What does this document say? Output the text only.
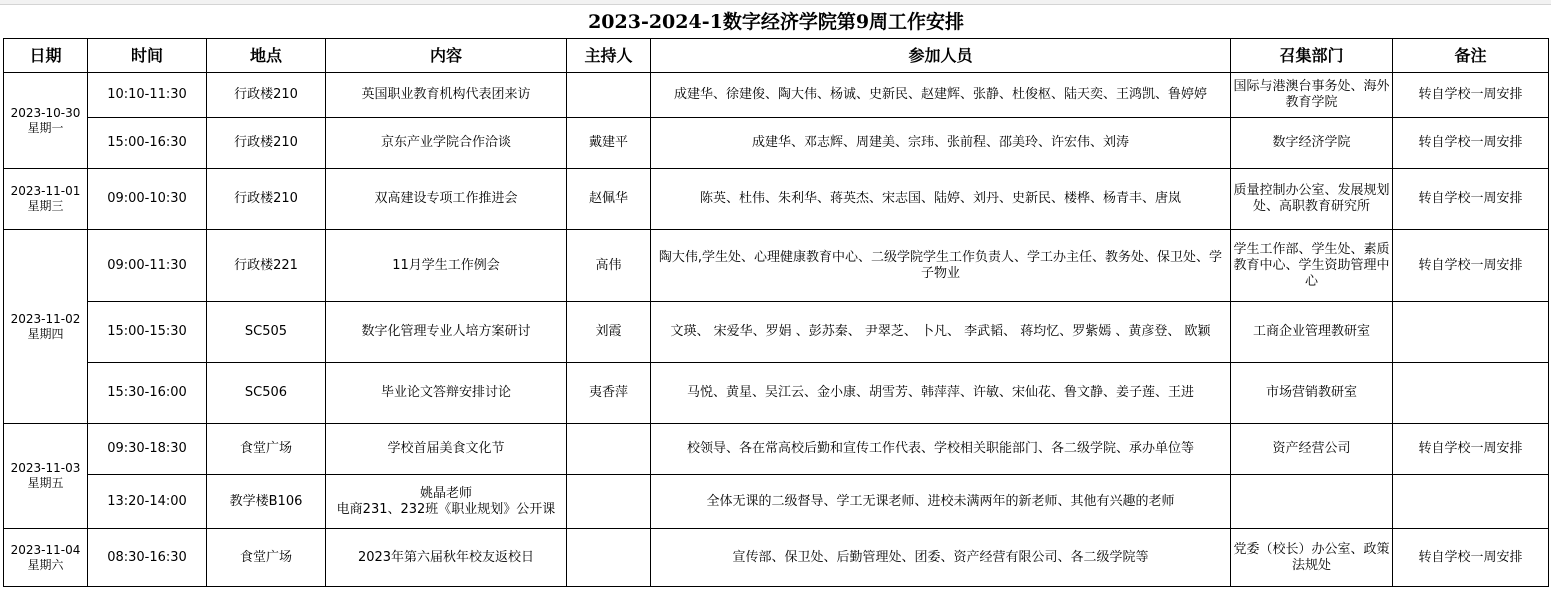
2023-2024-1数字经济学院第9周工作安排							
日期	时间	地点	内容	主持人	参加人员	召集部门	备注
2023-10-30
星期一	10:10-11:30	行政楼210	英国职业教育机构代表团来访		成建华、徐建俊、陶大伟、杨诚、史新民、赵建辉、张静、杜俊枢、陆天奕、王鸿凯、鲁婷婷	国际与港澳台事务处、海外教育学院	转自学校一周安排
	15:00-16:30	行政楼210	京东产业学院合作洽谈	戴建平	成建华、邓志辉、周建美、宗玮、张前程、邵美玲、许宏伟、刘涛	数字经济学院	转自学校一周安排
2023-11-01
星期三	09:00-10:30	行政楼210	双高建设专项工作推进会	赵佩华	陈英、杜伟、朱利华、蒋英杰、宋志国、陆婷、刘丹、史新民、楼桦、杨青丰、唐岚	质量控制办公室、发展规划处、高职教育研究所	转自学校一周安排
2023-11-02
星期四	09:00-11:30	行政楼221	11月学生工作例会	高伟	陶大伟,学生处、心理健康教育中心、二级学院学生工作负责人、学工办主任、教务处、保卫处、学子物业	学生工作部、学生处、素质教育中心、学生资助管理中心	转自学校一周安排
	15:00-15:30	SC505	数字化管理专业人培方案研讨	刘霞	文瑛、 宋爱华、罗娟 、彭苏秦、 尹翠芝、 卜凡、 李武韬、 蒋均忆、罗紫嫣 、黄彦登、 欧颖	工商企业管理教研室	
	15:30-16:00	SC506	毕业论文答辩安排讨论	夷香萍	马悦、黄星、吴江云、金小康、胡雪芳、韩萍萍、许敏、宋仙花、鲁文静、姜子莲、王进	市场营销教研室	
2023-11-03
星期五	09:30-18:30	食堂广场	学校首届美食文化节		校领导、各在常高校后勤和宣传工作代表、学校相关职能部门、各二级学院、承办单位等	资产经营公司	转自学校一周安排
	13:20-14:00	教学楼B106	姚晶老师
电商231、232班《职业规划》公开课		全体无课的二级督导、学工无课老师、进校未满两年的新老师、其他有兴趣的老师		
2023-11-04
星期六	08:30-16:30	食堂广场	2023年第六届秋年校友返校日		宣传部、保卫处、后勤管理处、团委、资产经营有限公司、各二级学院等	党委（校长）办公室、政策法规处	转自学校一周安排
